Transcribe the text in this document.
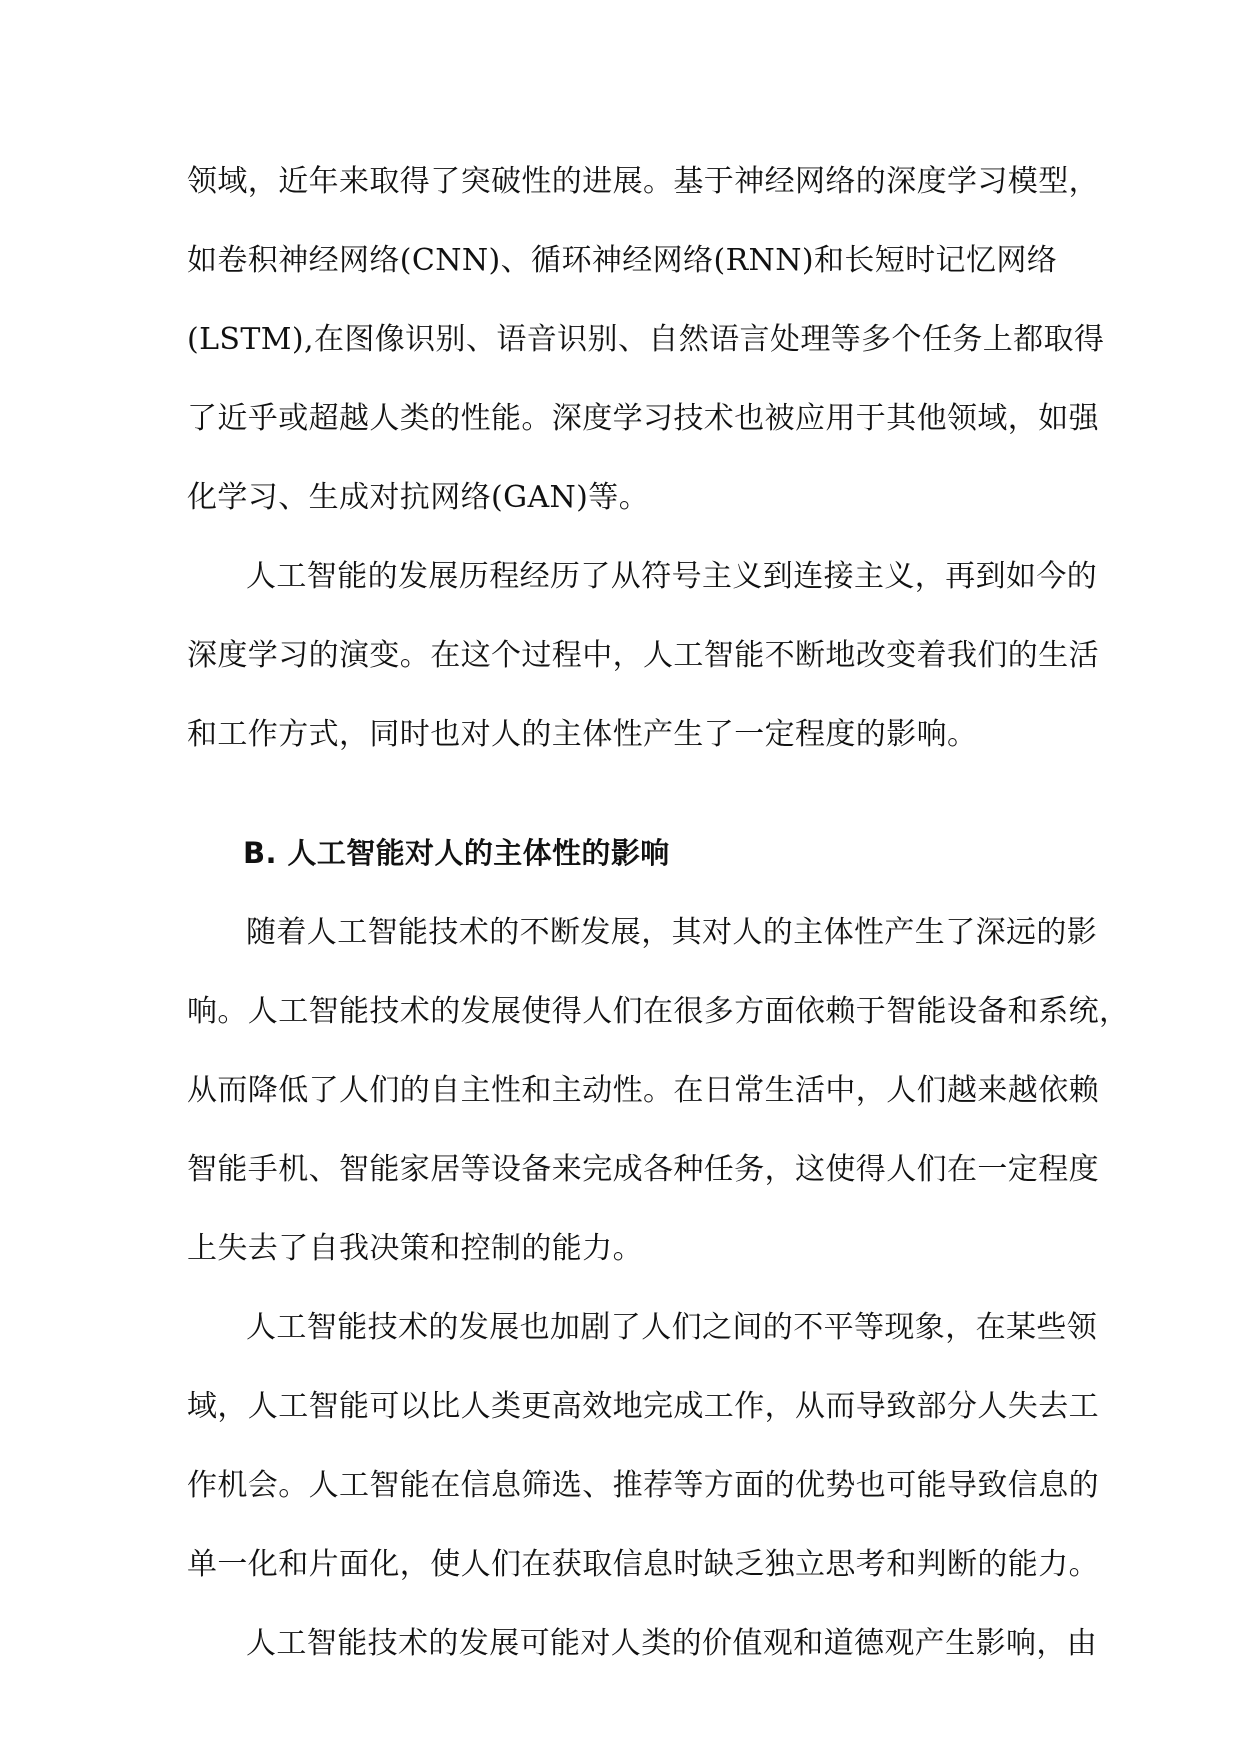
领域，近年来取得了突破性的进展。基于神经网络的深度学习模型，
如卷积神经网络(CNN)、循环神经网络(RNN)和长短时记忆网络
(LSTM),在图像识别、语音识别、自然语言处理等多个任务上都取得
了近乎或超越人类的性能。深度学习技术也被应用于其他领域，如强
化学习、生成对抗网络(GAN)等。
人工智能的发展历程经历了从符号主义到连接主义，再到如今的
深度学习的演变。在这个过程中，人工智能不断地改变着我们的生活
和工作方式，同时也对人的主体性产生了一定程度的影响。
B. 人工智能对人的主体性的影响
随着人工智能技术的不断发展，其对人的主体性产生了深远的影
响。人工智能技术的发展使得人们在很多方面依赖于智能设备和系统，
从而降低了人们的自主性和主动性。在日常生活中，人们越来越依赖
智能手机、智能家居等设备来完成各种任务，这使得人们在一定程度
上失去了自我决策和控制的能力。
人工智能技术的发展也加剧了人们之间的不平等现象，在某些领
域，人工智能可以比人类更高效地完成工作，从而导致部分人失去工
作机会。人工智能在信息筛选、推荐等方面的优势也可能导致信息的
单一化和片面化，使人们在获取信息时缺乏独立思考和判断的能力。
人工智能技术的发展可能对人类的价值观和道德观产生影响，由
